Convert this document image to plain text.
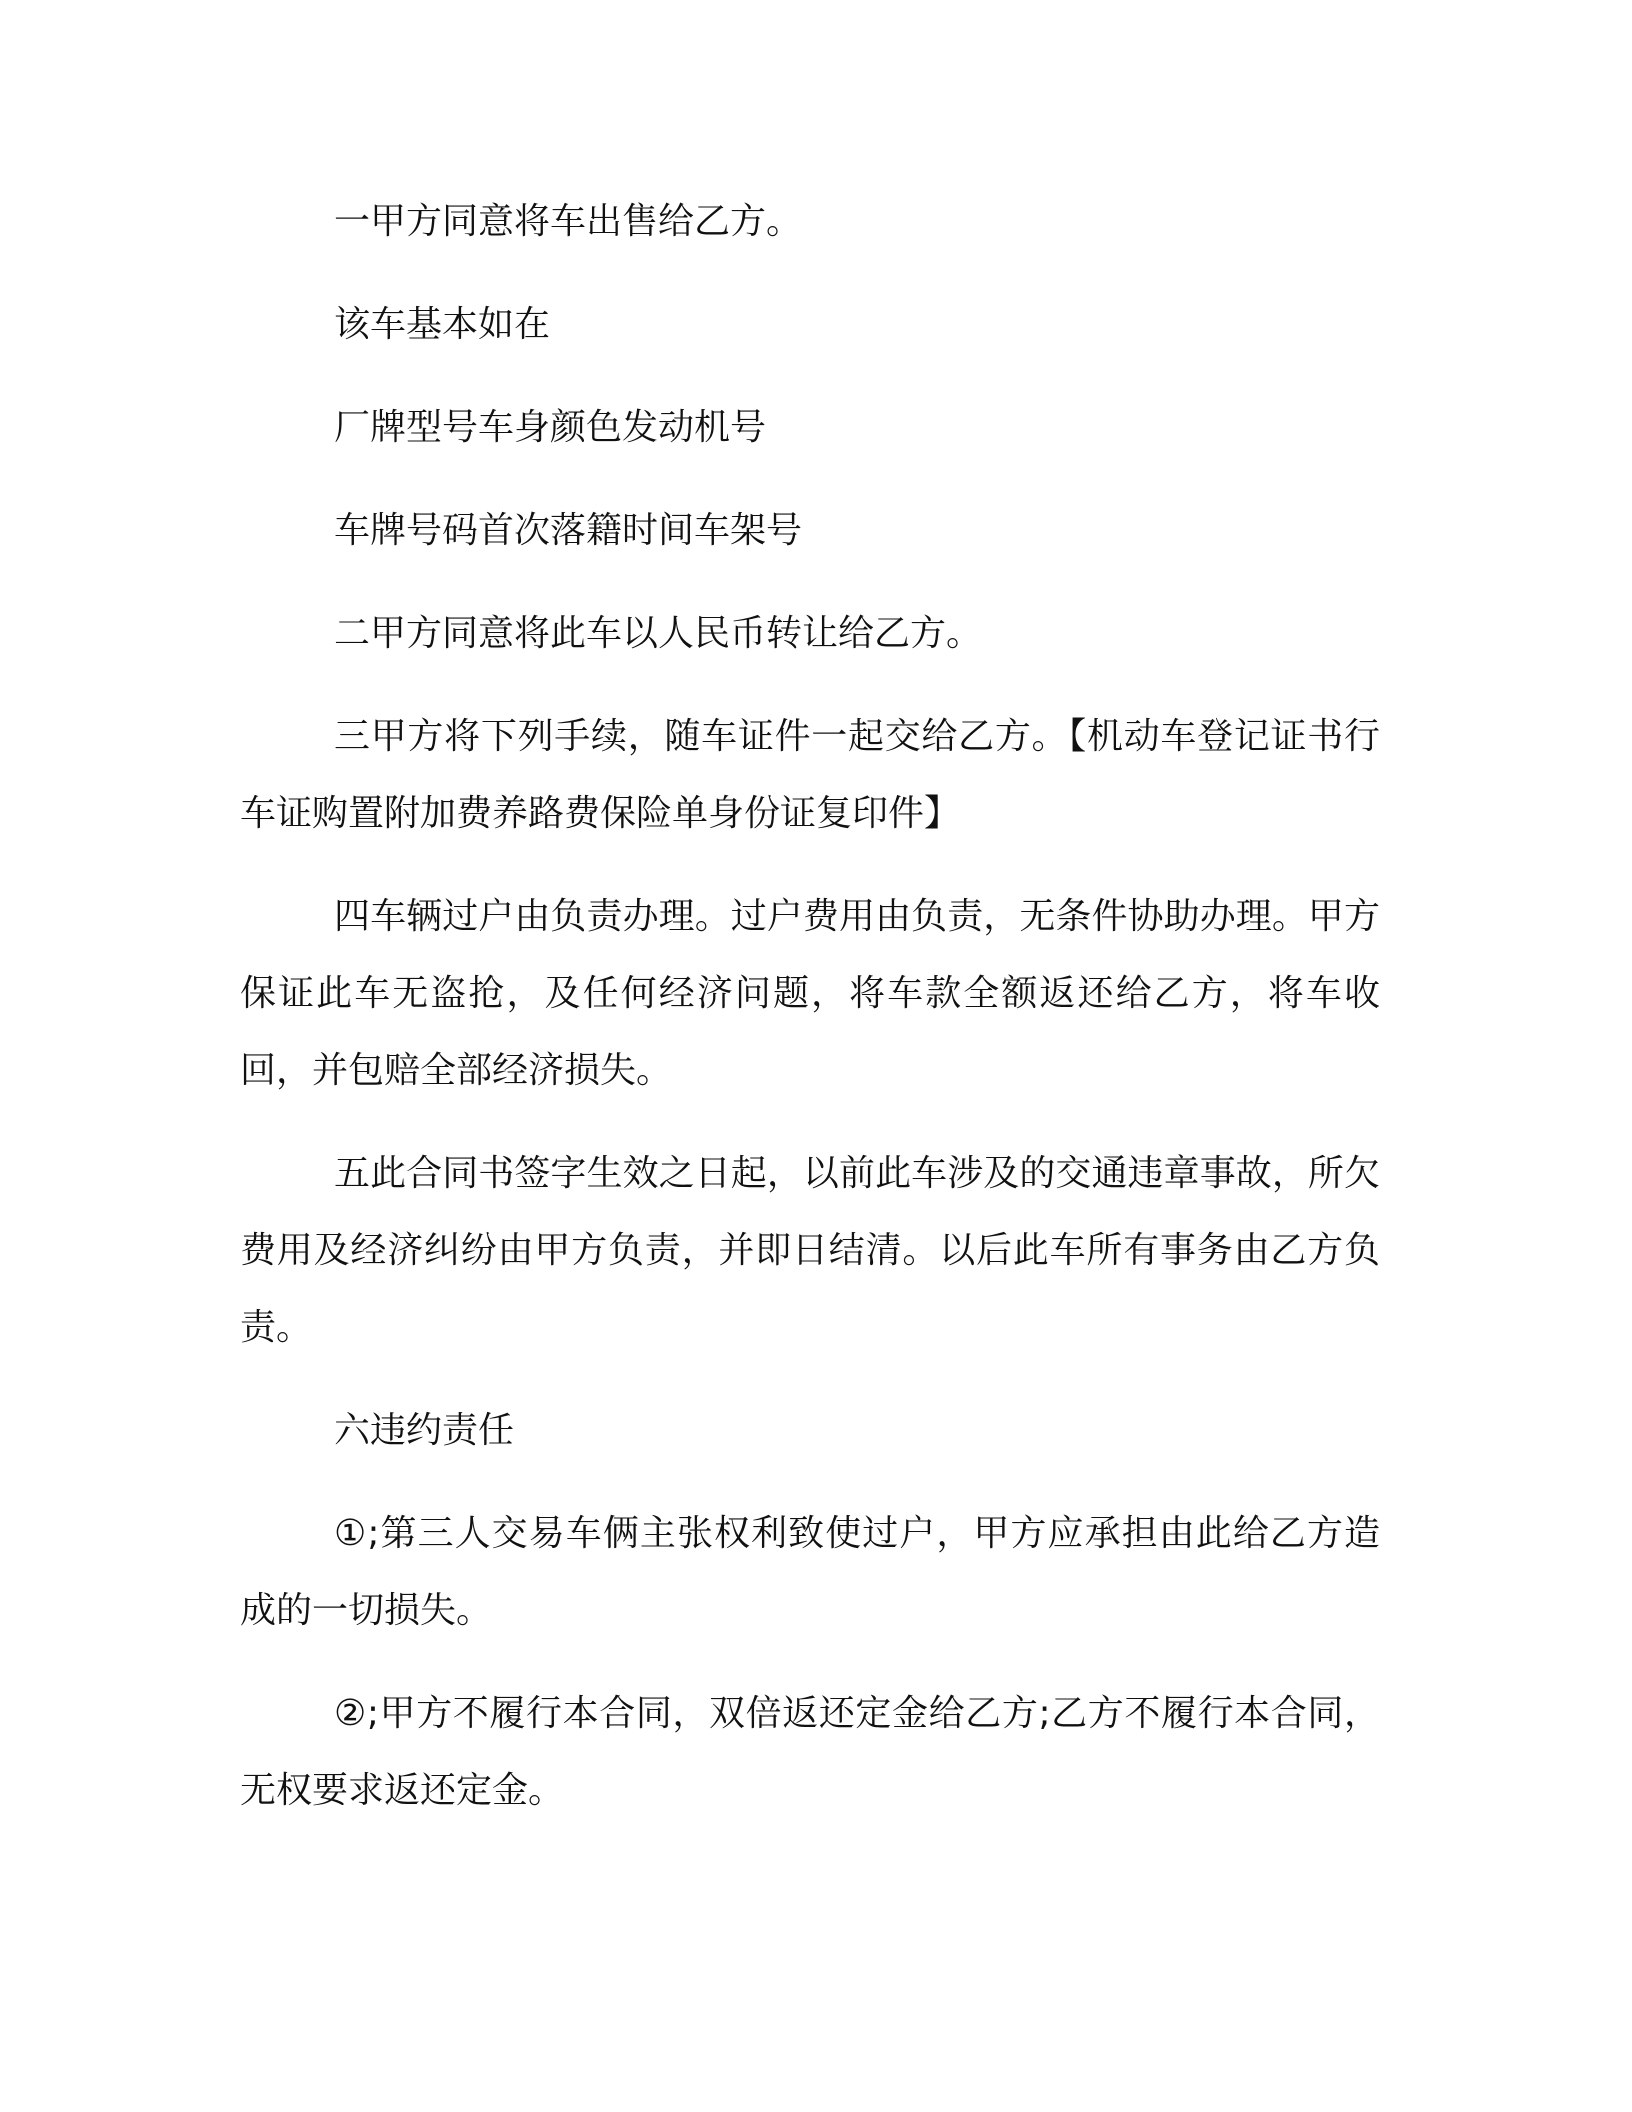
一甲方同意将车出售给乙方。

该车基本如在

厂牌型号车身颜色发动机号

车牌号码首次落籍时间车架号

二甲方同意将此车以人民币转让给乙方。

三甲方将下列手续，随车证件一起交给乙方。【机动车登记证书行车证购置附加费养路费保险单身份证复印件】

四车辆过户由负责办理。过户费用由负责，无条件协助办理。甲方保证此车无盗抢，及任何经济问题，将车款全额返还给乙方，将车收回，并包赔全部经济损失。

五此合同书签字生效之日起，以前此车涉及的交通违章事故，所欠费用及经济纠纷由甲方负责，并即日结清。以后此车所有事务由乙方负责。

六违约责任

①;第三人交易车俩主张权利致使过户，甲方应承担由此给乙方造成的一切损失。

②;甲方不履行本合同，双倍返还定金给乙方;乙方不履行本合同，无权要求返还定金。
